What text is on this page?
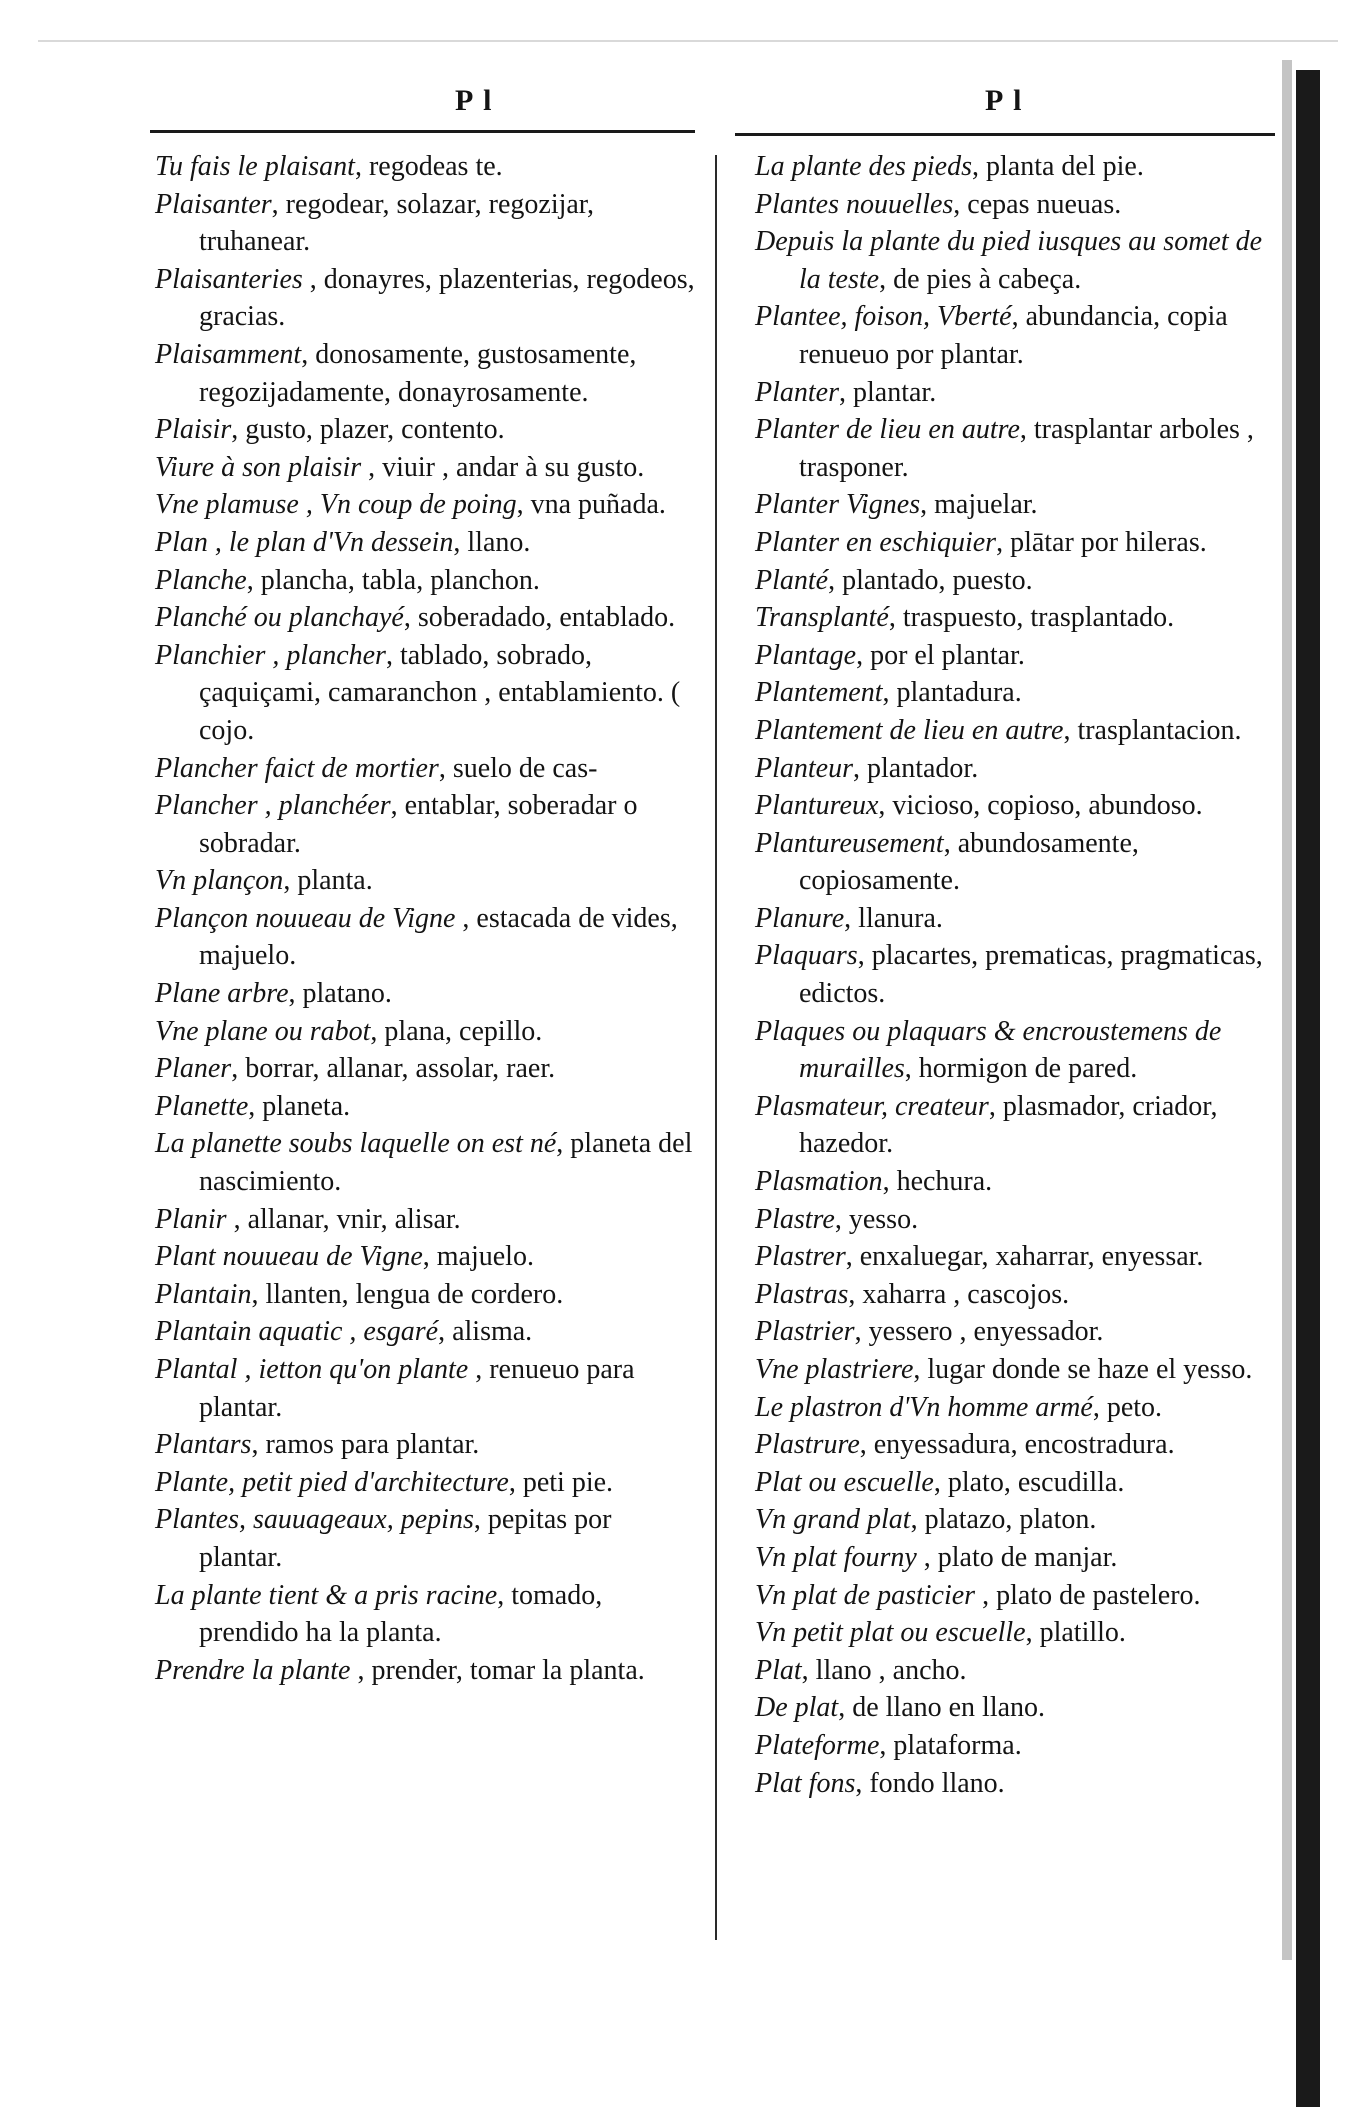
P l	P l

Tu fais le plaisant, regodeas te.

Plaisanter, regodear, solazar, regozijar, truhanear.

Plaisanteries , donayres, plazenterias, regodeos, gracias.

Plaisamment, donosamente, gustosamente, regozijadamente, donayrosamente.

Plaisir, gusto, plazer, contento.

Viure à son plaisir , viuir , andar à su gusto.

Vne plamuse , Vn coup de poing, vna puñada.

Plan , le plan d'Vn dessein, llano.

Planche, plancha, tabla, planchon.

Planché ou planchayé, soberadado, entablado.

Planchier , plancher, tablado, sobrado, çaquiçami, camaranchon , entablamiento. ( cojo.

Plancher faict de mortier, suelo de cas-

Plancher , planchéer, entablar, soberadar o sobradar.

Vn plançon, planta.

Plançon nouueau de Vigne , estacada de vides, majuelo.

Plane arbre, platano.

Vne plane ou rabot, plana, cepillo.

Planer, borrar, allanar, assolar, raer.

Planette, planeta.

La planette soubs laquelle on est né, planeta del nascimiento.

Planir , allanar, vnir, alisar.

Plant nouueau de Vigne, majuelo.

Plantain, llanten, lengua de cordero.

Plantain aquatic , esgaré, alisma.

Plantal , ietton qu'on plante , renueuo para plantar.

Plantars, ramos para plantar.

Plante, petit pied d'architecture, peti pie.

Plantes, sauuageaux, pepins, pepitas por plantar.

La plante tient & a pris racine, tomado, prendido ha la planta.

Prendre la plante , prender, tomar la planta.

La plante des pieds, planta del pie.

Plantes nouuelles, cepas nueuas.

Depuis la plante du pied iusques au somet de la teste, de pies à cabeça.

Plantee, foison, Vberté, abundancia, copia renueuo por plantar.

Planter, plantar.

Planter de lieu en autre, trasplantar arboles , trasponer.

Planter Vignes, majuelar.

Planter en eschiquier, plātar por hileras.

Planté, plantado, puesto.

Transplanté, traspuesto, trasplantado.

Plantage, por el plantar.

Plantement, plantadura.

Plantement de lieu en autre, trasplantacion.

Planteur, plantador.

Plantureux, vicioso, copioso, abundoso.

Plantureusement, abundosamente, copiosamente.

Planure, llanura.

Plaquars, placartes, prematicas, pragmaticas, edictos.

Plaques ou plaquars & encroustemens de murailles, hormigon de pared.

Plasmateur, createur, plasmador, criador, hazedor.

Plasmation, hechura.

Plastre, yesso.

Plastrer, enxaluegar, xaharrar, enyessar.

Plastras, xaharra , cascojos.

Plastrier, yessero , enyessador.

Vne plastriere, lugar donde se haze el yesso.

Le plastron d'Vn homme armé, peto.

Plastrure, enyessadura, encostradura.

Plat ou escuelle, plato, escudilla.

Vn grand plat, platazo, platon.

Vn plat fourny , plato de manjar.

Vn plat de pasticier , plato de pastelero.

Vn petit plat ou escuelle, platillo.

Plat, llano , ancho.

De plat, de llano en llano.

Plateforme, plataforma.

Plat fons, fondo llano.
